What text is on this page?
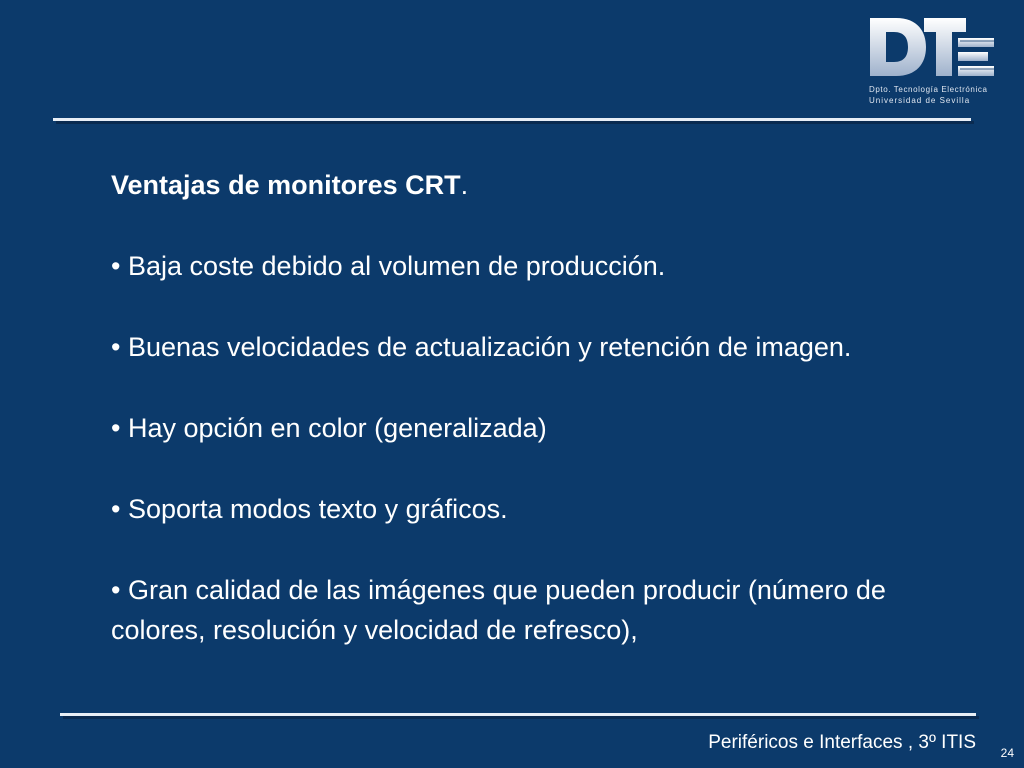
Dpto. Tecnología Electrónica
Universidad de Sevilla
Ventajas de monitores CRT.
• Baja coste debido al volumen de producción.
• Buenas velocidades de actualización y retención de imagen.
• Hay opción en color (generalizada)
• Soporta modos texto y gráficos.
• Gran calidad de las imágenes que pueden producir (número de colores, resolución y velocidad de refresco),
Periféricos e Interfaces , 3º ITIS 24
